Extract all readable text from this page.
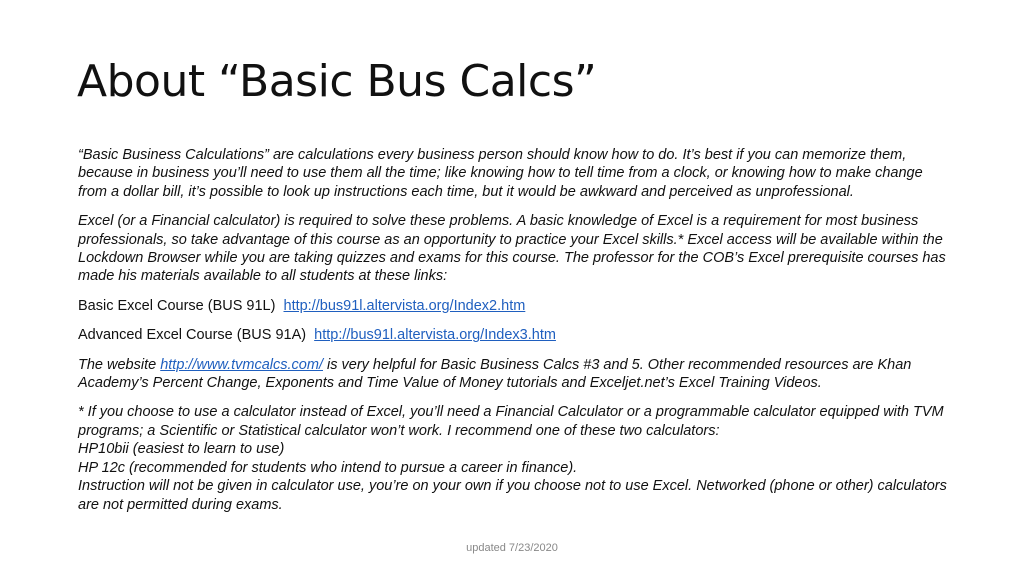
About “Basic Bus Calcs”

“Basic Business Calculations” are calculations every business person should know how to do. It’s best if you can memorize them, because in business you’ll need to use them all the time; like knowing how to tell time from a clock, or knowing how to make change from a dollar bill, it’s possible to look up instructions each time, but it would be awkward and perceived as unprofessional.

Excel (or a Financial calculator) is required to solve these problems. A basic knowledge of Excel is a requirement for most business professionals, so take advantage of this course as an opportunity to practice your Excel skills.* Excel access will be available within the Lockdown Browser while you are taking quizzes and exams for this course. The professor for the COB’s Excel prerequisite courses has made his materials available to all students at these links:

Basic Excel Course (BUS 91L) http://bus91l.altervista.org/Index2.htm

Advanced Excel Course (BUS 91A) http://bus91l.altervista.org/Index3.htm

The website http://www.tvmcalcs.com/ is very helpful for Basic Business Calcs #3 and 5. Other recommended resources are Khan Academy’s Percent Change, Exponents and Time Value of Money tutorials and Exceljet.net’s Excel Training Videos.

* If you choose to use a calculator instead of Excel, you’ll need a Financial Calculator or a programmable calculator equipped with TVM programs; a Scientific or Statistical calculator won’t work. I recommend one of these two calculators:
HP10bii (easiest to learn to use)
HP 12c (recommended for students who intend to pursue a career in finance).
Instruction will not be given in calculator use, you’re on your own if you choose not to use Excel. Networked (phone or other) calculators are not permitted during exams.

updated 7/23/2020
